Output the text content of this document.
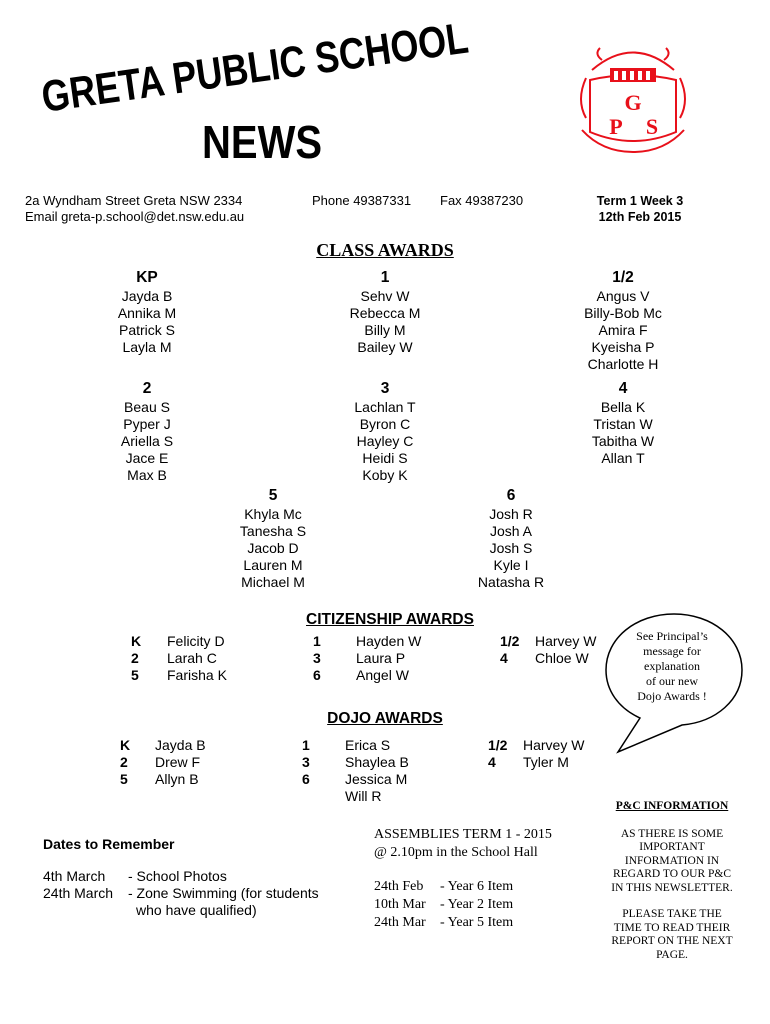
GRETA PUBLIC SCHOOL
NEWS
G
P S
2a Wyndham Street Greta NSW 2334
Email greta-p.school@det.nsw.edu.au
Phone 49387331 Fax 49387230	Term 1 Week 3
12th Feb 2015
CLASS AWARDS
KP
Jayda B
Annika M
Patrick S
Layla M
1
Sehv W
Rebecca M
Billy M
Bailey W
1/2
Angus V
Billy-Bob Mc
Amira F
Kyeisha P
Charlotte H
2
Beau S
Pyper J
Ariella S
Jace E
Max B
3
Lachlan T
Byron C
Hayley C
Heidi S
Koby K
4
Bella K
Tristan W
Tabitha W
Allan T
5
Khyla Mc
Tanesha S
Jacob D
Lauren M
Michael M
6
Josh R
Josh A
Josh S
Kyle I
Natasha R
CITIZENSHIP AWARDS
K Felicity D	1	Hayden W	1/2 Harvey W
2 Larah C	3	Laura P	4 Chloe W
5 Farisha K	6	Angel W
See Principal’s
message for
explanation
of our new
Dojo Awards !
DOJO AWARDS
K Jayda B	1	Erica S	1/2 Harvey W
2 Drew F	3	Shaylea B	4 Tyler M
5 Allyn B	6	Jessica M
Will R
Dates to Remember
4th March - School Photos
24th March - Zone Swimming (for students
who have qualified)
ASSEMBLIES TERM 1 - 2015
@ 2.10pm in the School Hall
24th Feb - Year 6 Item
10th Mar - Year 2 Item
24th Mar - Year 5 Item
P&C INFORMATION
AS THERE IS SOME
IMPORTANT
INFORMATION IN
REGARD TO OUR P&C
IN THIS NEWSLETTER.
PLEASE TAKE THE
TIME TO READ THEIR
REPORT ON THE NEXT
PAGE.
